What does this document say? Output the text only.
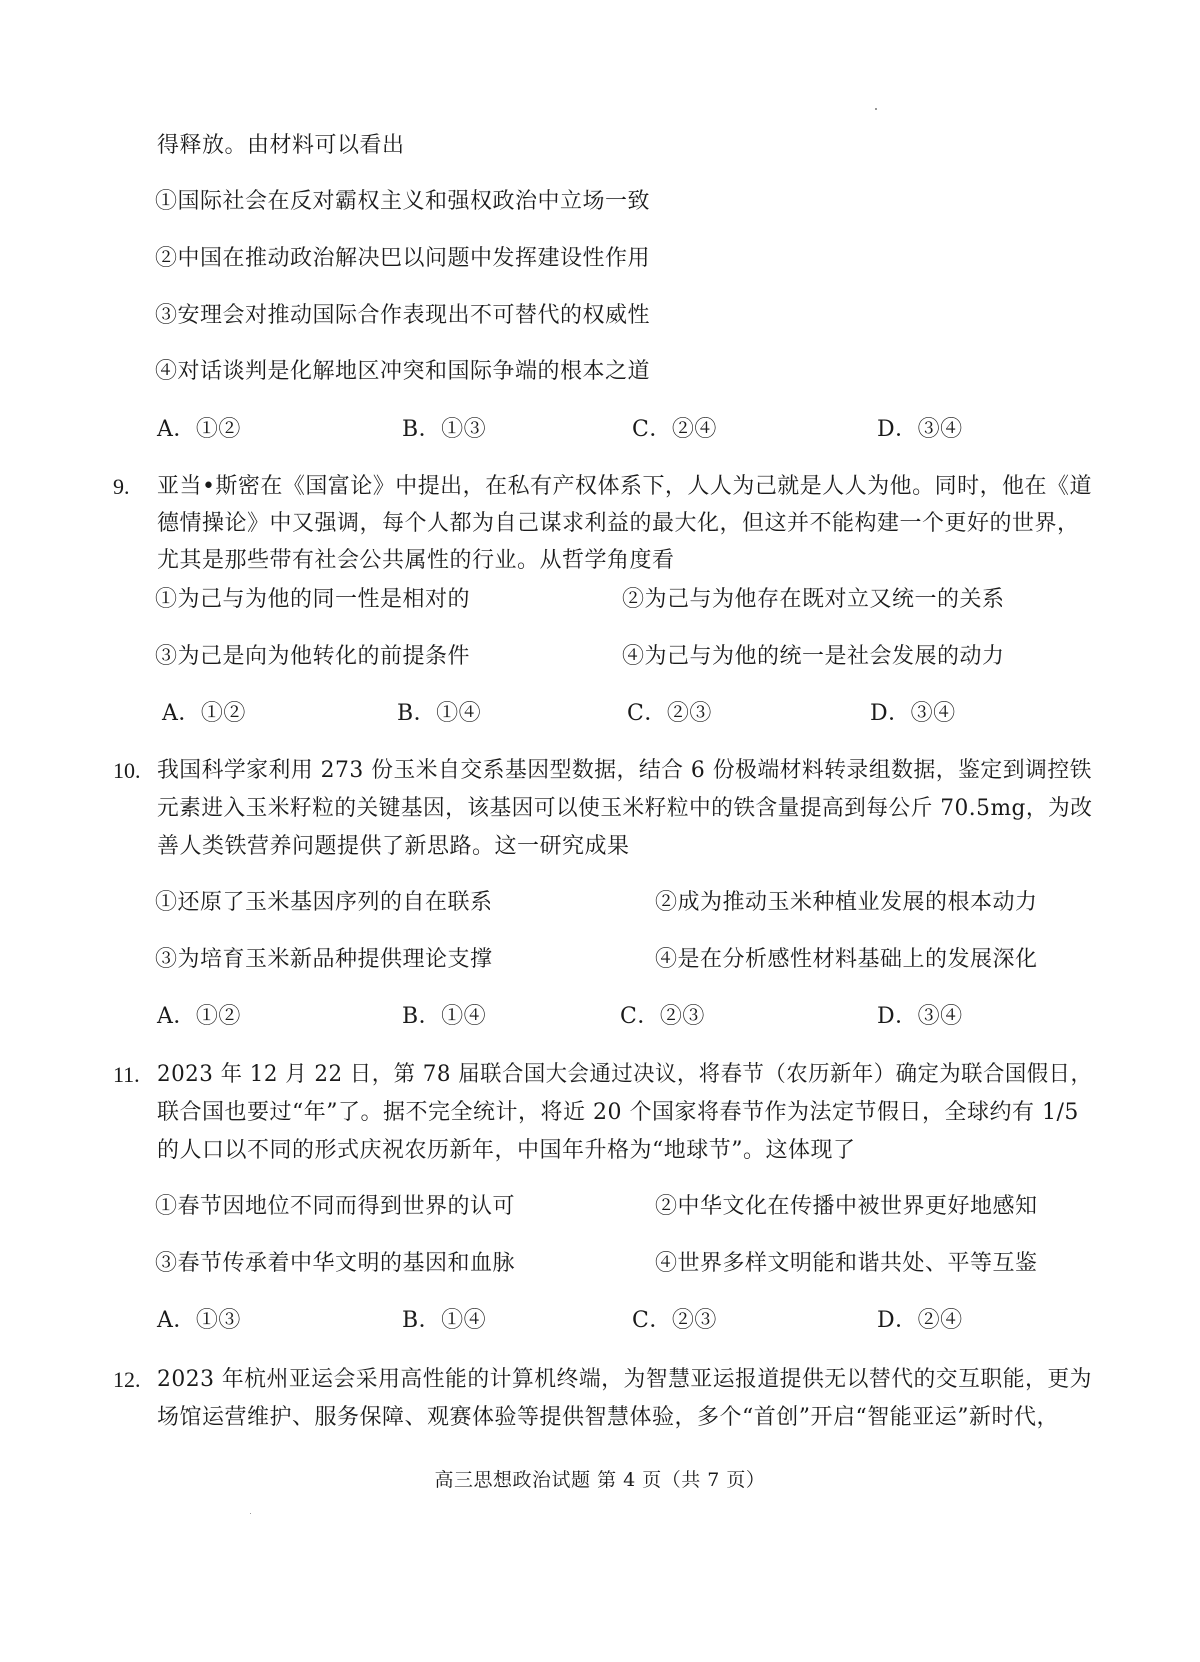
得释放。由材料可以看出
①国际社会在反对霸权主义和强权政治中立场一致
②中国在推动政治解决巴以问题中发挥建设性作用
③安理会对推动国际合作表现出不可替代的权威性
④对话谈判是化解地区冲突和国际争端的根本之道
A．①②	B．①③	C．②④	D．③④
9. 亚当•斯密在《国富论》中提出，在私有产权体系下，人人为己就是人人为他。同时，他在《道
德情操论》中又强调，每个人都为自己谋求利益的最大化，但这并不能构建一个更好的世界，
尤其是那些带有社会公共属性的行业。从哲学角度看
①为己与为他的同一性是相对的	②为己与为他存在既对立又统一的关系
③为己是向为他转化的前提条件	④为己与为他的统一是社会发展的动力
A．①②	B．①④	C．②③	D．③④
10. 我国科学家利用 273 份玉米自交系基因型数据，结合 6 份极端材料转录组数据，鉴定到调控铁
元素进入玉米籽粒的关键基因，该基因可以使玉米籽粒中的铁含量提高到每公斤 70.5mg，为改
善人类铁营养问题提供了新思路。这一研究成果
①还原了玉米基因序列的自在联系	②成为推动玉米种植业发展的根本动力
③为培育玉米新品种提供理论支撑	④是在分析感性材料基础上的发展深化
A．①②	B．①④	C．②③	D．③④
11. 2023 年 12 月 22 日，第 78 届联合国大会通过决议，将春节（农历新年）确定为联合国假日，
联合国也要过“年”了。据不完全统计，将近 20 个国家将春节作为法定节假日，全球约有 1/5
的人口以不同的形式庆祝农历新年，中国年升格为“地球节”。这体现了
①春节因地位不同而得到世界的认可	②中华文化在传播中被世界更好地感知
③春节传承着中华文明的基因和血脉	④世界多样文明能和谐共处、平等互鉴
A．①③	B．①④	C．②③	D．②④
12. 2023 年杭州亚运会采用高性能的计算机终端，为智慧亚运报道提供无以替代的交互职能，更为
场馆运营维护、服务保障、观赛体验等提供智慧体验，多个“首创”开启“智能亚运”新时代，
高三思想政治试题 第 4 页（共 7 页）
